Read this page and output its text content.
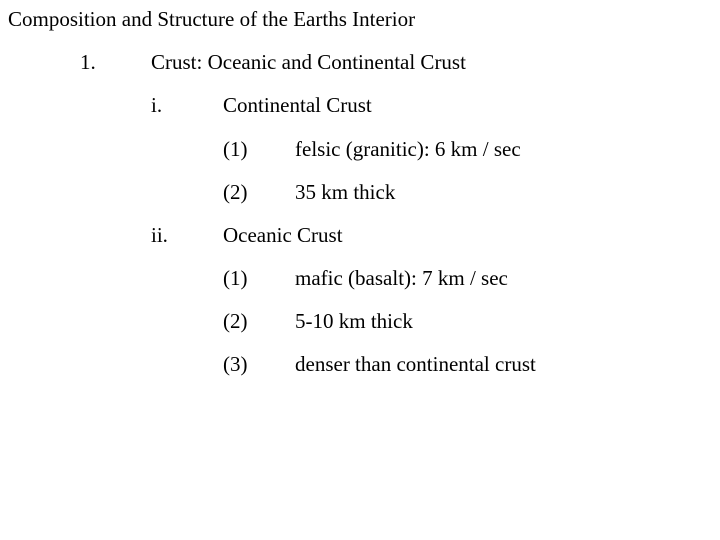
Composition and Structure of the Earths Interior
1.	Crust: Oceanic and Continental Crust
i.	Continental Crust
(1) felsic (granitic): 6 km / sec
(2) 35 km thick
ii.	Oceanic Crust
(1) mafic (basalt): 7 km / sec
(2) 5-10 km thick
(3) denser than continental crust
